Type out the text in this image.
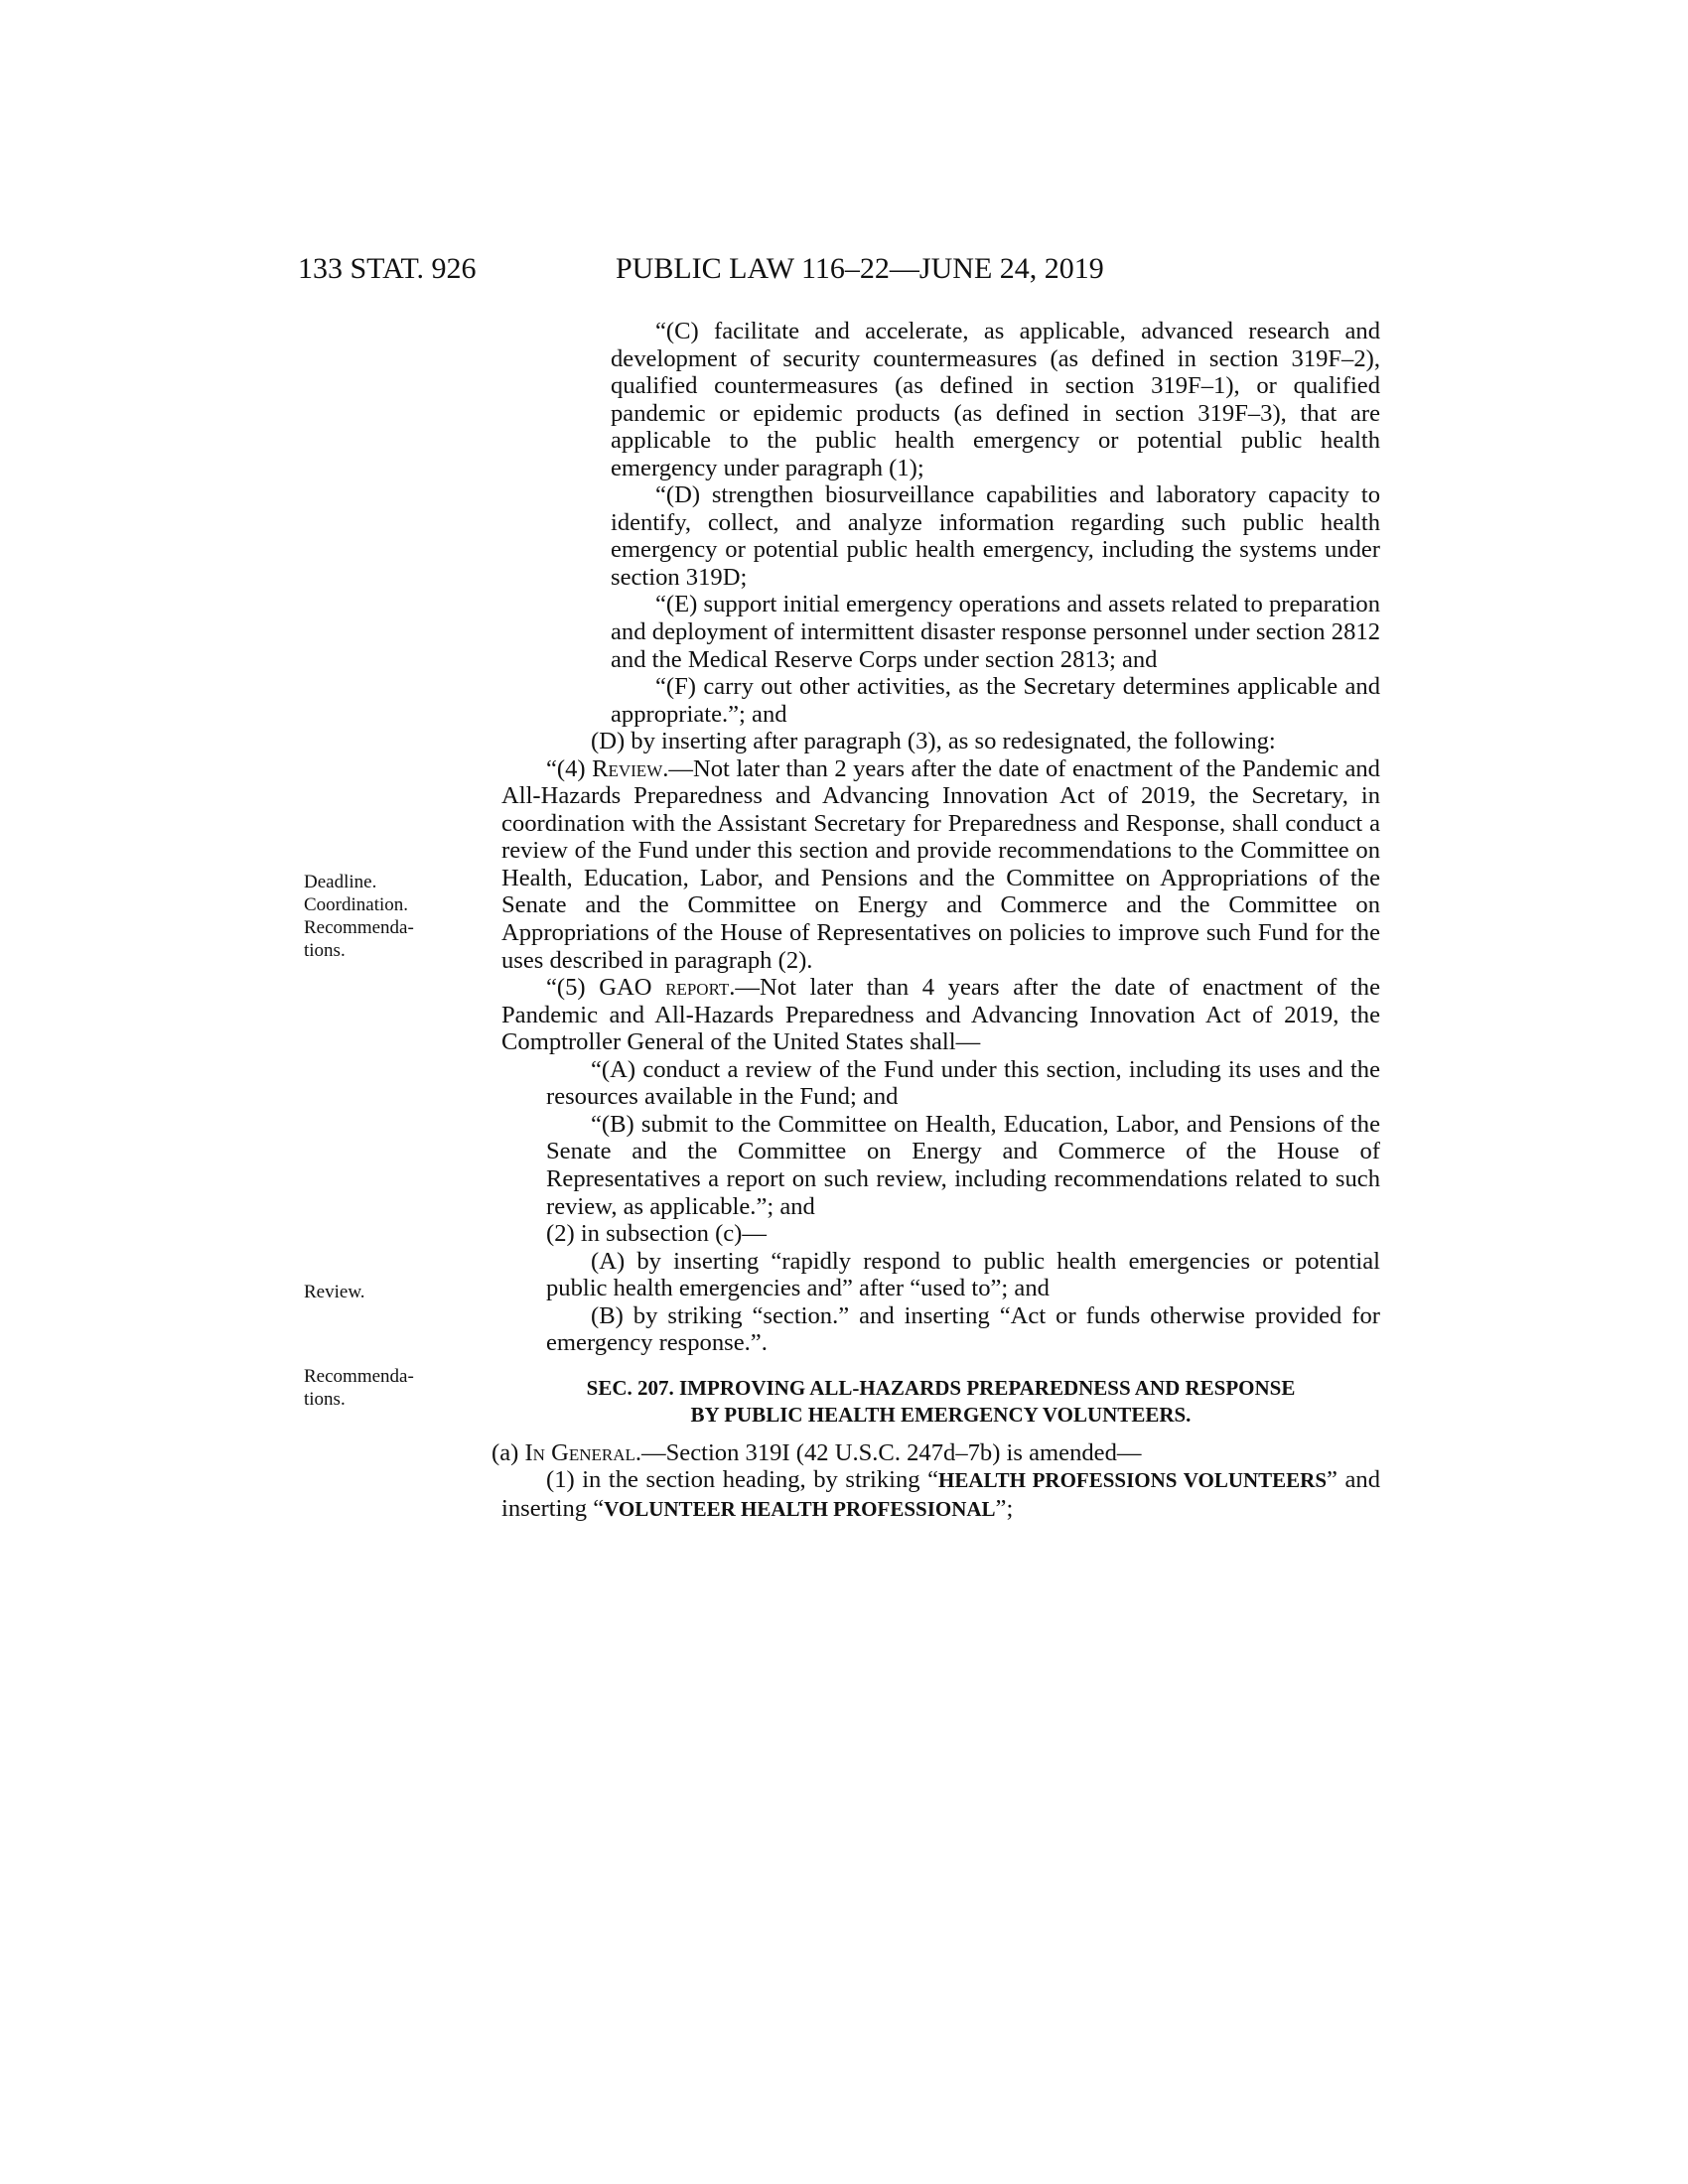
133 STAT. 926	PUBLIC LAW 116–22—JUNE 24, 2019
Deadline.
Coordination.
Recommenda-
tions.
Review.
Recommenda-
tions.

“(C) facilitate and accelerate, as applicable, advanced research and development of security countermeasures (as defined in section 319F–2), qualified countermeasures (as defined in section 319F–1), or qualified pandemic or epidemic products (as defined in section 319F–3), that are applicable to the public health emergency or potential public health emergency under paragraph (1);

“(D) strengthen biosurveillance capabilities and laboratory capacity to identify, collect, and analyze information regarding such public health emergency or potential public health emergency, including the systems under section 319D;

“(E) support initial emergency operations and assets related to preparation and deployment of intermittent disaster response personnel under section 2812 and the Medical Reserve Corps under section 2813; and

“(F) carry out other activities, as the Secretary determines applicable and appropriate.”; and

(D) by inserting after paragraph (3), as so redesignated, the following:

“(4) Review.—Not later than 2 years after the date of enactment of the Pandemic and All-Hazards Preparedness and Advancing Innovation Act of 2019, the Secretary, in coordination with the Assistant Secretary for Preparedness and Response, shall conduct a review of the Fund under this section and provide recommendations to the Committee on Health, Education, Labor, and Pensions and the Committee on Appropriations of the Senate and the Committee on Energy and Commerce and the Committee on Appropriations of the House of Representatives on policies to improve such Fund for the uses described in paragraph (2).

“(5) GAO report.—Not later than 4 years after the date of enactment of the Pandemic and All-Hazards Preparedness and Advancing Innovation Act of 2019, the Comptroller General of the United States shall—

“(A) conduct a review of the Fund under this section, including its uses and the resources available in the Fund; and

“(B) submit to the Committee on Health, Education, Labor, and Pensions of the Senate and the Committee on Energy and Commerce of the House of Representatives a report on such review, including recommendations related to such review, as applicable.”; and

(2) in subsection (c)—

(A) by inserting “rapidly respond to public health emergencies or potential public health emergencies and” after “used to”; and

(B) by striking “section.” and inserting “Act or funds otherwise provided for emergency response.”.

SEC. 207. IMPROVING ALL-HAZARDS PREPAREDNESS AND RESPONSE
BY PUBLIC HEALTH EMERGENCY VOLUNTEERS.

(a) In General.—Section 319I (42 U.S.C. 247d–7b) is amended—

(1) in the section heading, by striking “HEALTH PROFESSIONS VOLUNTEERS” and inserting “VOLUNTEER HEALTH PROFESSIONAL”;
